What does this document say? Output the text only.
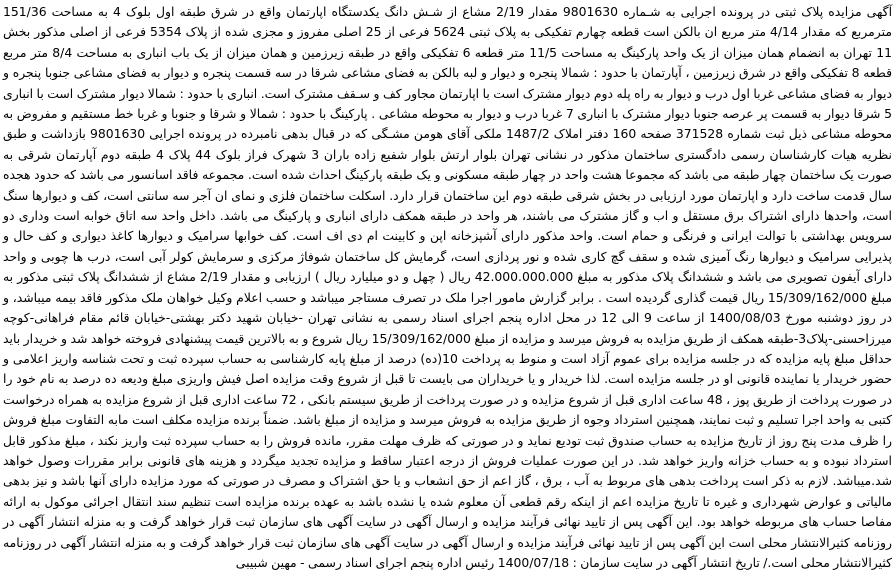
آگهی مزایده پلاک ثبتی در پرونده اجرایی به شـماره 9801630 مقدار 2/19 مشاع از شـش دانگ یکدستگاه اپارتمان واقع در شرق طبقه اول بلوک 4 به مساحت 151/36 مترمربع که مقدار 4/14 متر مربع ان بالکن است قطعه چهارم تفکیکی به پلاک ثبتی 5624 فرعی از 25 اصلی مفروز و مجزی شده از پلاک 5354 فرعی از اصلی مذکور بخش 11 تهران به انضمام همان میزان از یک واحد پارکینگ به مساحت 11/5 متر قطعه 6 تفکیکی واقع در طبقه زیرزمین و همان میزان از یک باب انباری به مساحت 8/4 متر مربع قطعه 8 تفکیکی واقع در شرق زیرزمین ، آپارتمان با حدود : شمالا پنجره و دیوار و لبه بالکن به فضای مشاعی شرقا در سه قسمت پنجره و دیوار به فضای مشاعی جنوبا پنجره و دیوار به فضای مشاعی غربا اول درب و دیوار به راه پله دوم دیوار مشترک است با اپارتمان مجاور کف و سـقف مشترک است. انباری با حدود : شمالا دیوار مشترک است با انباری 5 شرقا دیوار به قسمت پر عرصه جنوبا دیوار مشترک با انباری 7 غربا درب و دیوار به محوطه مشاعی . پارکینگ با حدود : شمالا و شرقا و جنوبا و غربا خط مستقیم و مفروض به محوطه مشاعی ذیل ثبت شماره 371528 صفحه 160 دفتر املاک 1487/2 ملکی آقای هومن مشـگی که در قبال بدهی نامبرده در پرونده اجرایی 9801630 بازداشت و طبق نظریه هیات کارشناسان رسمی دادگستری ساختمان مذکور در نشانی تهران بلوار ارتش بلوار شفیع زاده باران 3 شهرک فراز بلوک 44 پلاک 4 طبقه دوم آپارتمان شرقی به صورت یک ساختمان چهار طبقه می باشد که مجموعا هشت واحد در چهار طبقه مسکونی و یک طبقه پارکینگ احداث شده است. مجموعه فاقد اسانسور می باشد که حدود هجده سال قدمت ساخت دارد و اپارتمان مورد ارزیابی در بخش شرقی طبقه دوم این ساختمان قرار دارد. اسکلت ساختمان فلزی و نمای ان آجر سه سانتی است، کف و دیوارها سنگ است، واحدها دارای اشتراک برق مستقل و اب و گاز مشترک می باشند، هر واحد در طبقه همکف دارای انباری و پارکینگ می باشد. داخل واحد سه اتاق خوابه است وداری دو سرویس بهداشتی با توالت ایرانی و فرنگی و حمام است. واحد مذکور دارای آشپزخانه اپن و کابینت ام دی اف است. کف خوابها سرامیک و دیوارها کاغذ دیواری و کف حال و پذیرایی سرامیک و دیوارها رنگ آمیزی شده و سقف گچ کاری شده و نور پردازی است، گرمایش کل ساختمان شوفاژ مرکزی و سرمایش کولر آبی است، درب ها چوبی و واحد دارای آیفون تصویری می باشد و ششدانگ پلاک مذکور به مبلغ 42.000.000.000 ریال ( چهل و دو میلیارد ریال ) ارزیابی و مقدار 2/19 مشاع از ششدانگ پلاک ثبتی مذکور به مبلغ 15/309/162/000 ریال قیمت گذاری گردیده است . برابر گزارش مامور اجرا ملک در تصرف مستاجر میباشد و حسب اعلام وکیل خواهان ملک مذکور فاقد بیمه میباشد، و در روز دوشنبه مورخ 1400/08/03 از ساعت 9 الی 12 در محل اداره پنجم اجرای اسناد رسمی به نشانی تهران -خیابان شهید دکتر بهشتی-خیابان قائم مقام فراهانی-کوچه میرزاحسنی-پلاک3-طبقه همکف از طریق مزایده به فروش میرسد و مزایده از مبلغ 15/309/162/000 ریال شروع و به بالاترین قیمت پیشنهادی فروخته خواهد شد و خریدار باید حداقل مبلغ پایه مزایده که در جلسه مزایده برای عموم آزاد است و منوط به پرداخت 10(ده) درصد از مبلغ پایه کارشناسی به حساب سپرده ثبت و تحت شناسه واریز اعلامی و حضور خریدار یا نماینده قانونی او در جلسه مزایده است. لذا خریدار و یا خریداران می بایست تا قبل از شروع وقت مزایده اصل فیش واریزی مبلغ ودیعه ده درصد به نام خود را در صورت پرداخت از طریق پوز ، 48 ساعت اداری قبل از شروع مزایده و در صورت پرداخت از طریق سیستم بانکی ، 72 ساعت اداری قبل از شروع مزایده به همراه درخواست کتبی به واحد اجرا تسلیم و ثبت نمایند، همچنین استرداد وجوه از طریق مزایده به فروش میرسد و مزایده از مبلغ باشد. ضمناً برنده مزایده مکلف است مابه التفاوت مبلغ فروش را ظرف مدت پنج روز از تاریخ مزایده به حساب صندوق ثبت تودیع نماید و در صورتی که ظرف مهلت مقرر، مانده فروش را به حساب سپرده ثبت واریز نکند ، مبلغ مذکور قابل استرداد نبوده و به حساب خزانه واریز خواهد شد. در این صورت عملیات فروش از درجه اعتبار ساقط و مزایده تجدید میگردد و هزینه های قانونی برابر مقررات وصول خواهد شد.میباشد. لازم به ذکر است پرداخت بدهی های مربوط به آب ، برق ، گاز اعم از حق انشعاب و یا حق اشتراک و مصرف در صورتی که مورد مزایده دارای آنها باشد و نیز بدهی مالیاتی و عوارض شهرداری و غیره تا تاریخ مزایده اعم از اینکه رقم قطعی آن معلوم شده یا نشده باشد به عهده برنده مزایده است تنظیم سند انتقال اجرائی موکول به ارائه مفاصا حساب های مربوطه خواهد بود. این آگهی پس از تایید نهائی فرآیند مزایده و ارسال آگهی در سایت آگهی های سازمان ثبت قرار خواهد گرفت و به منزله انتشار آگهی در روزنامه کثیرالانتشار محلی است این آگهی پس از تایید نهائی فرآیند مزایده و ارسال آگهی در سایت آگهی های سازمان ثبت قرار خواهد گرفت و به منزله انتشار آگهی در روزنامه کثیرالانتشار محلی است./ تاریخ انتشار آگهی در سایت سازمان : 1400/07/18 رئیس اداره پنجم اجرای اسناد رسمی - مهین شبیبی
